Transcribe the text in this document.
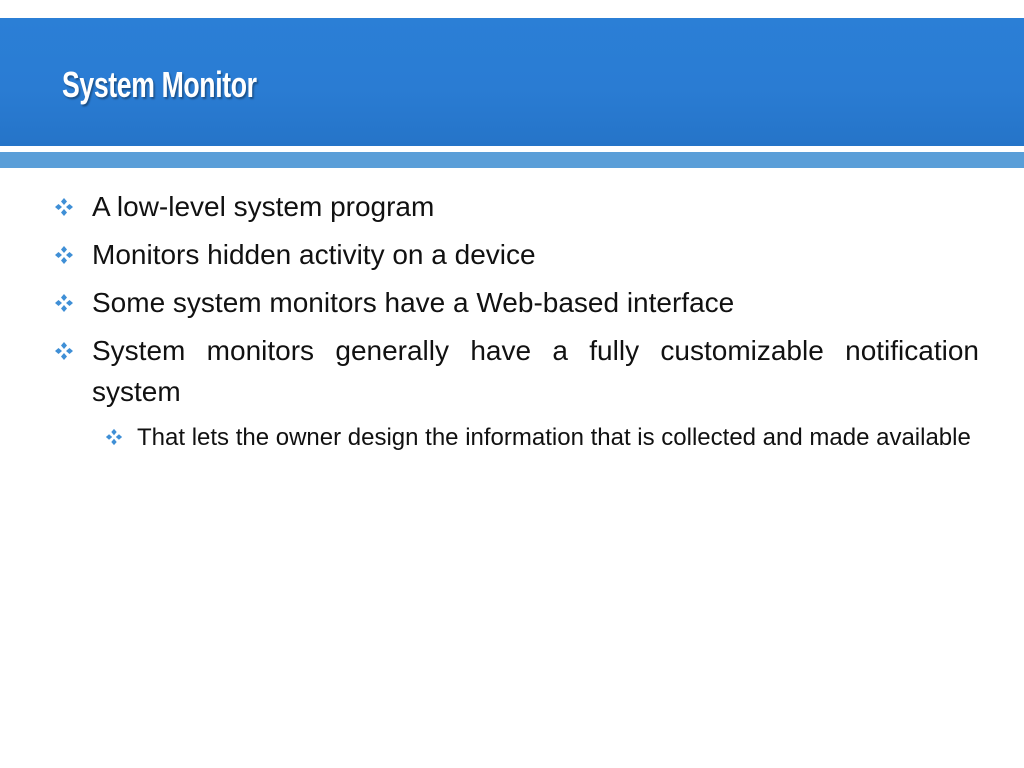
System Monitor
A low-level system program
Monitors hidden activity on a device
Some system monitors have a Web-based interface
System monitors generally have a fully customizable notification system
That lets the owner design the information that is collected and made available
